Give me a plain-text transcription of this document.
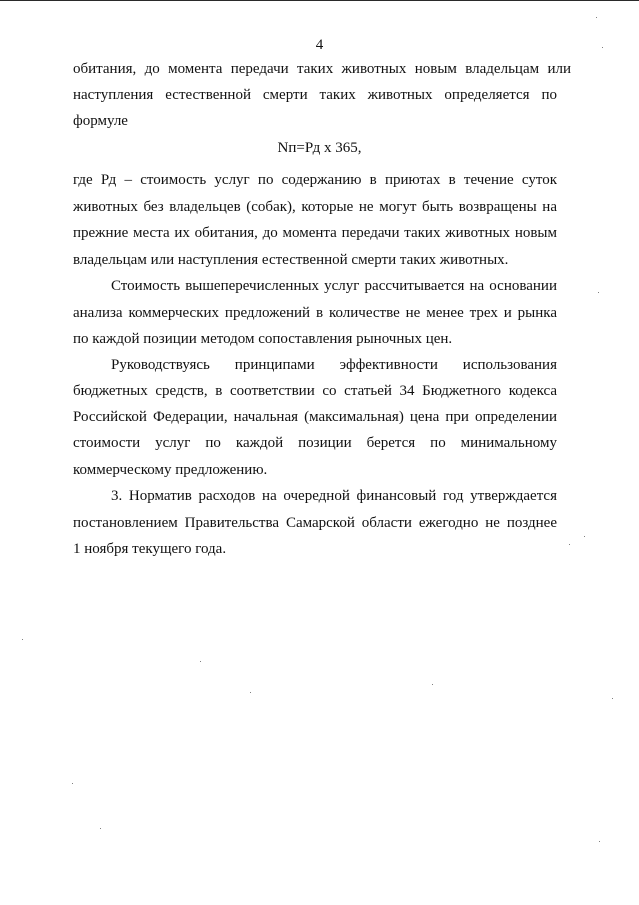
4
обитания, до момента передачи таких животных новым владельцам или
наступления естественной смерти таких животных определяется по
формуле
Nп=Рд х 365,
где Рд – стоимость услуг по содержанию в приютах в течение суток
животных без владельцев (собак), которые не могут быть возвращены на
прежние места их обитания, до момента передачи таких животных новым
владельцам или наступления естественной смерти таких животных.
Стоимость вышеперечисленных услуг рассчитывается на основании
анализа коммерческих предложений в количестве не менее трех и рынка
по каждой позиции методом сопоставления рыночных цен.
Руководствуясь принципами эффективности использования
бюджетных средств, в соответствии со статьей 34 Бюджетного кодекса
Российской Федерации, начальная (максимальная) цена при определении
стоимости услуг по каждой позиции берется по минимальному
коммерческому предложению.
3. Норматив расходов на очередной финансовый год утверждается
постановлением Правительства Самарской области ежегодно не позднее
1 ноября текущего года.
